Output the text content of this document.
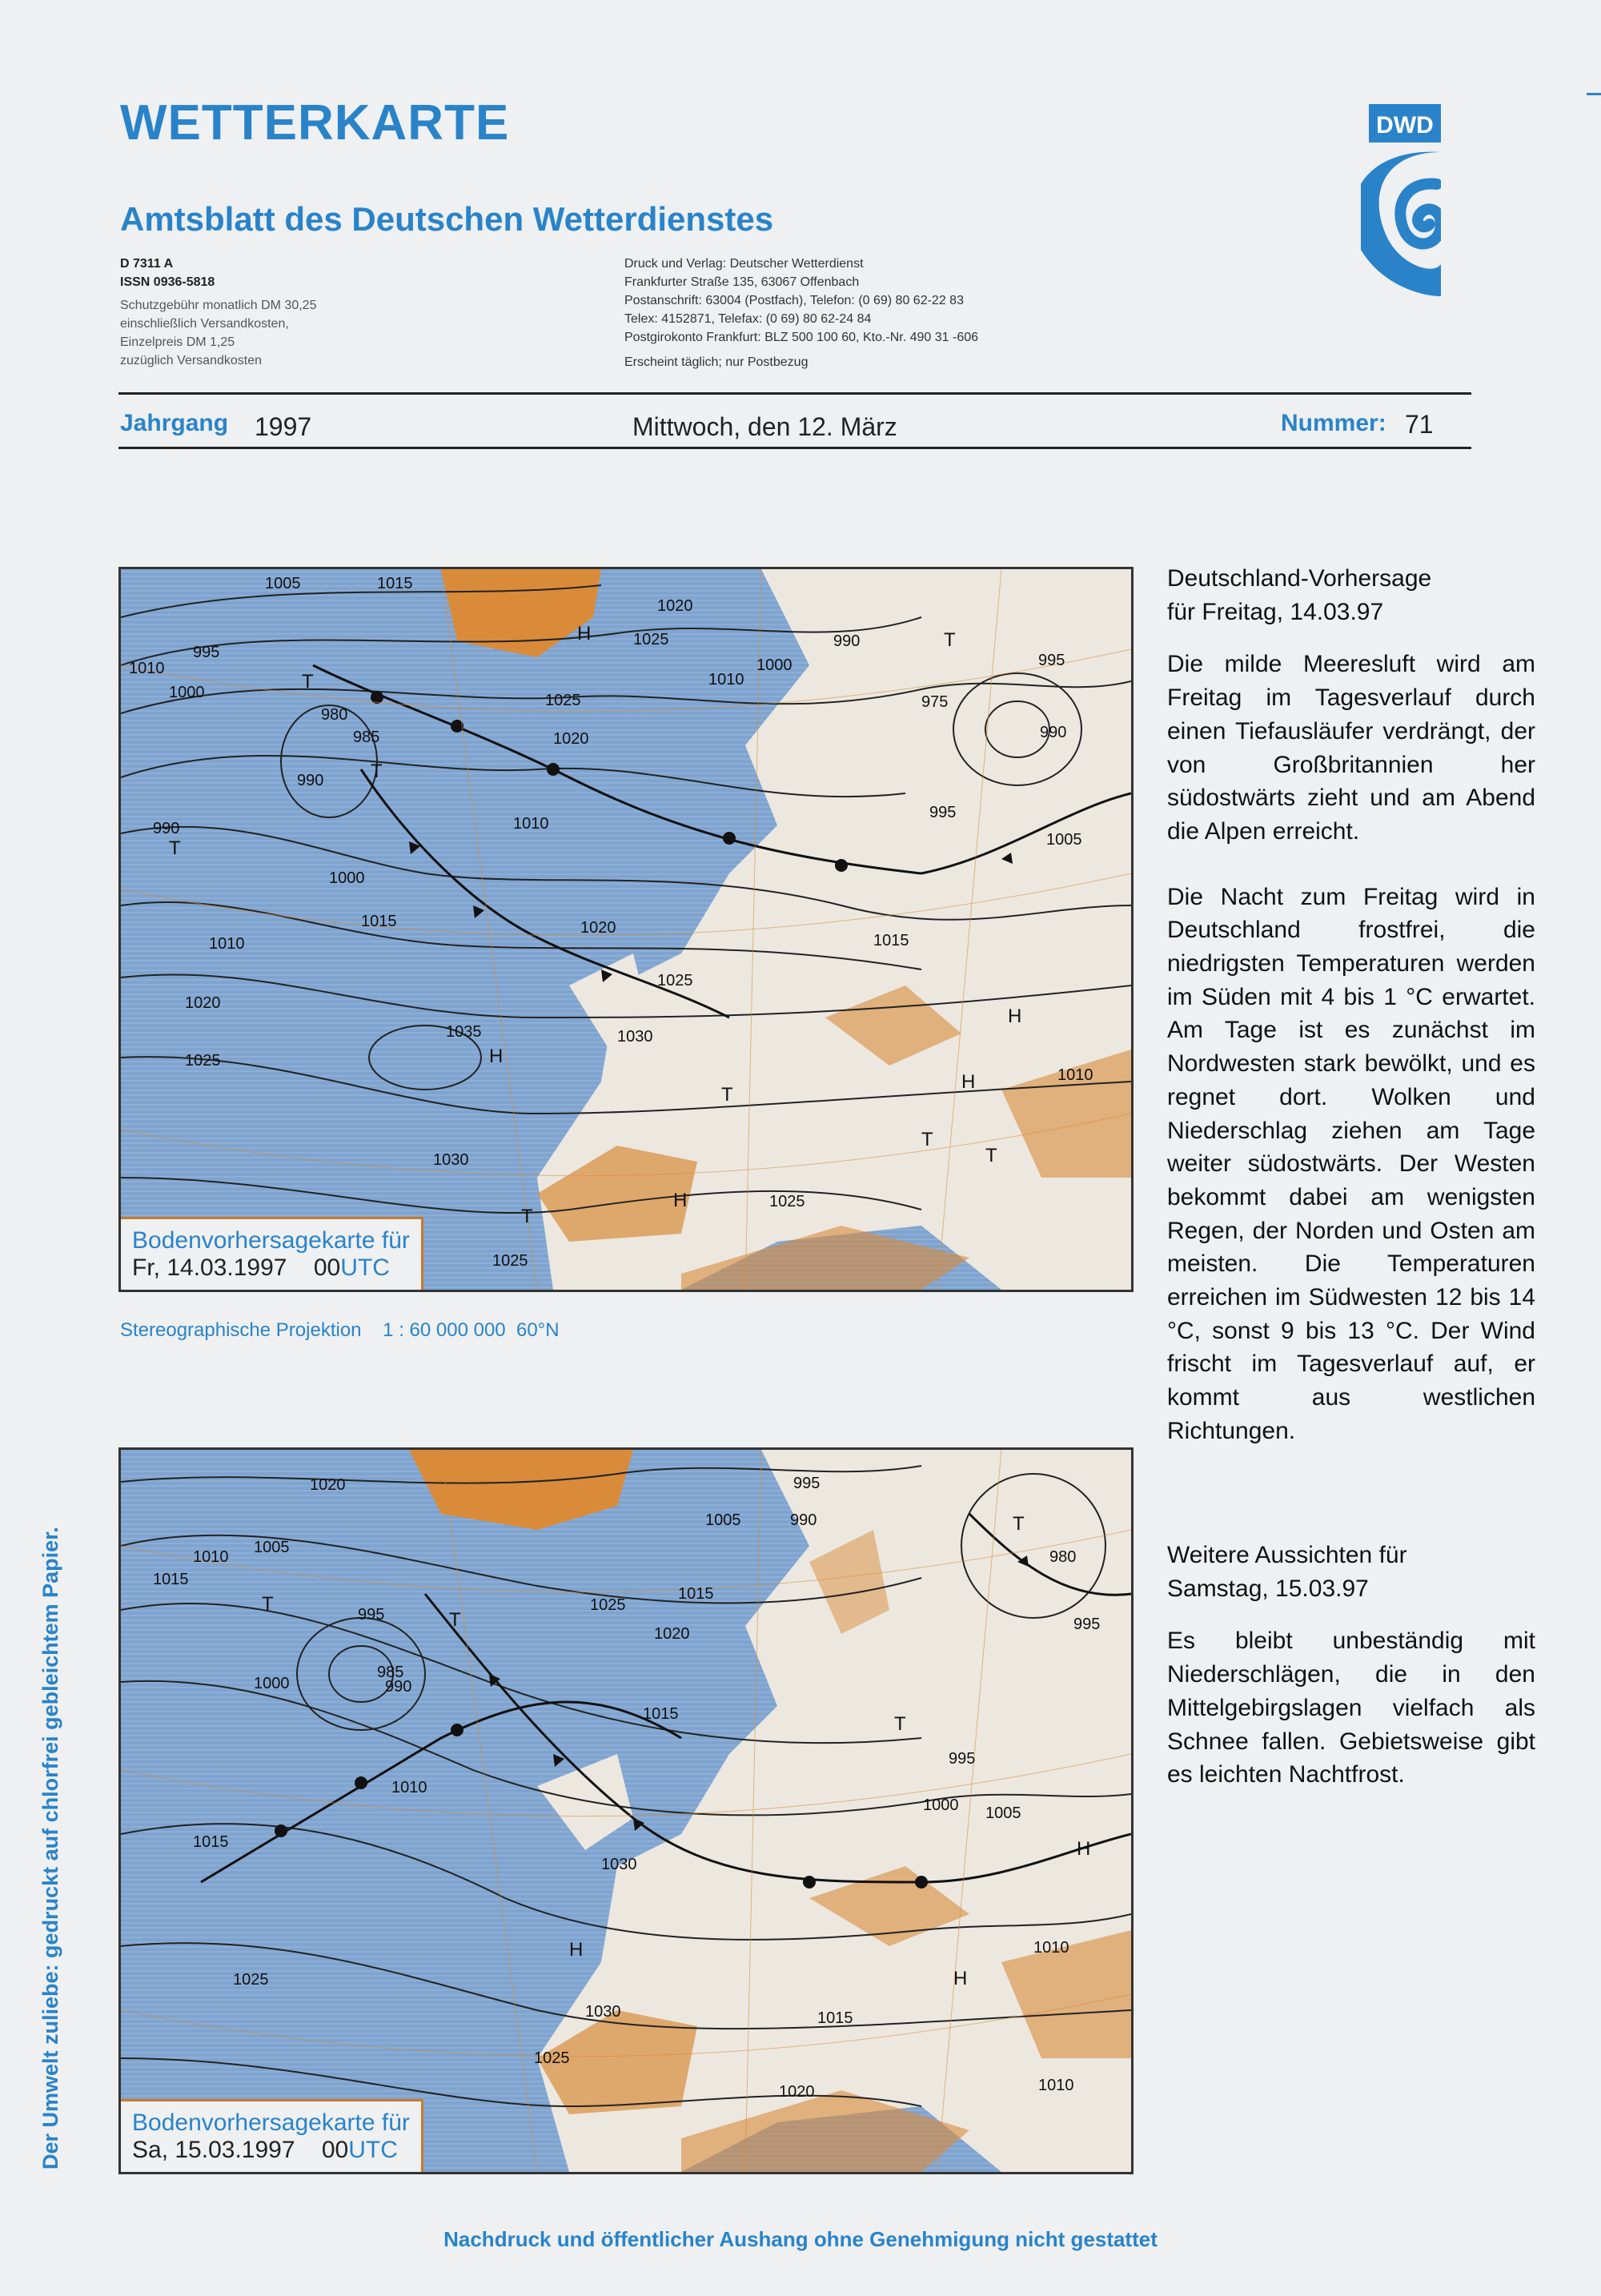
WETTERKARTE
Amtsblatt des Deutschen Wetterdienstes
DWD
D 7311 A
ISSN 0936-5818
Schutzgebühr monatlich DM 30,25
einschließlich Versandkosten,
Einzelpreis DM 1,25
zuzüglich Versandkosten
Druck und Verlag: Deutscher Wetterdienst
Frankfurter Straße 135, 63067 Offenbach
Postanschrift: 63004 (Postfach), Telefon: (0 69) 80 62-22 83
Telex: 4152871, Telefax: (0 69) 80 62-24 84
Postgirokonto Frankfurt: BLZ 500 100 60, Kto.-Nr. 490 31 -606
Erscheint täglich; nur Postbezug
Jahrgang 1997	Mittwoch, den 12. März	Nummer: 71
1005	1015
1020
1025
995
1010
1000
980
985
990
1025
1020
1010
1010
1000
990
995
975
990
995
1005
1000
1015	1020
1010
1020
1025
1035	1030
1015
1025
1030
1025
1025
1010
990
H
T
T
T
T
H
H
T
H
T
T
H
T
Bodenvorhersagekarte für
Fr, 14.03.1997 00UTC
Stereographische Projektion    1 : 60 000 000  60°N
1020	995
1005	990
1010
1005
1015
995
1000
985
990
1025
1020
980
995
1015
1015
1010
1015
1030
995
1000 1005
1025
1030	1015
1025
1020
1010
1010
T
T
T
H
T
H
H
Bodenvorhersagekarte für
Sa, 15.03.1997 00UTC
Deutschland-Vorhersage
für Freitag, 14.03.97

Die milde Meeresluft wird am Freitag im Tagesverlauf durch einen Tiefausläufer verdrängt, der von Großbritannien her südostwärts zieht und am Abend die Alpen erreicht.

Die Nacht zum Freitag wird in Deutschland frostfrei, die niedrigsten Temperaturen werden im Süden mit 4 bis 1 °C erwartet. Am Tage ist es zunächst im Nordwesten stark bewölkt, und es regnet dort. Wolken und Niederschlag ziehen am Tage weiter südostwärts. Der Westen bekommt dabei am wenigsten Regen, der Norden und Osten am meisten. Die Temperaturen erreichen im Südwesten 12 bis 14 °C, sonst 9 bis 13 °C. Der Wind frischt im Tagesverlauf auf, er kommt aus westlichen Richtungen.

Weitere Aussichten für
Samstag, 15.03.97

Es bleibt unbeständig mit Niederschlägen, die in den Mittelgebirgslagen vielfach als Schnee fallen. Gebietsweise gibt es leichten Nachtfrost.

Der Umwelt zuliebe: gedruckt auf chlorfrei gebleichtem Papier.
Nachdruck und öffentlicher Aushang ohne Genehmigung nicht gestattet
